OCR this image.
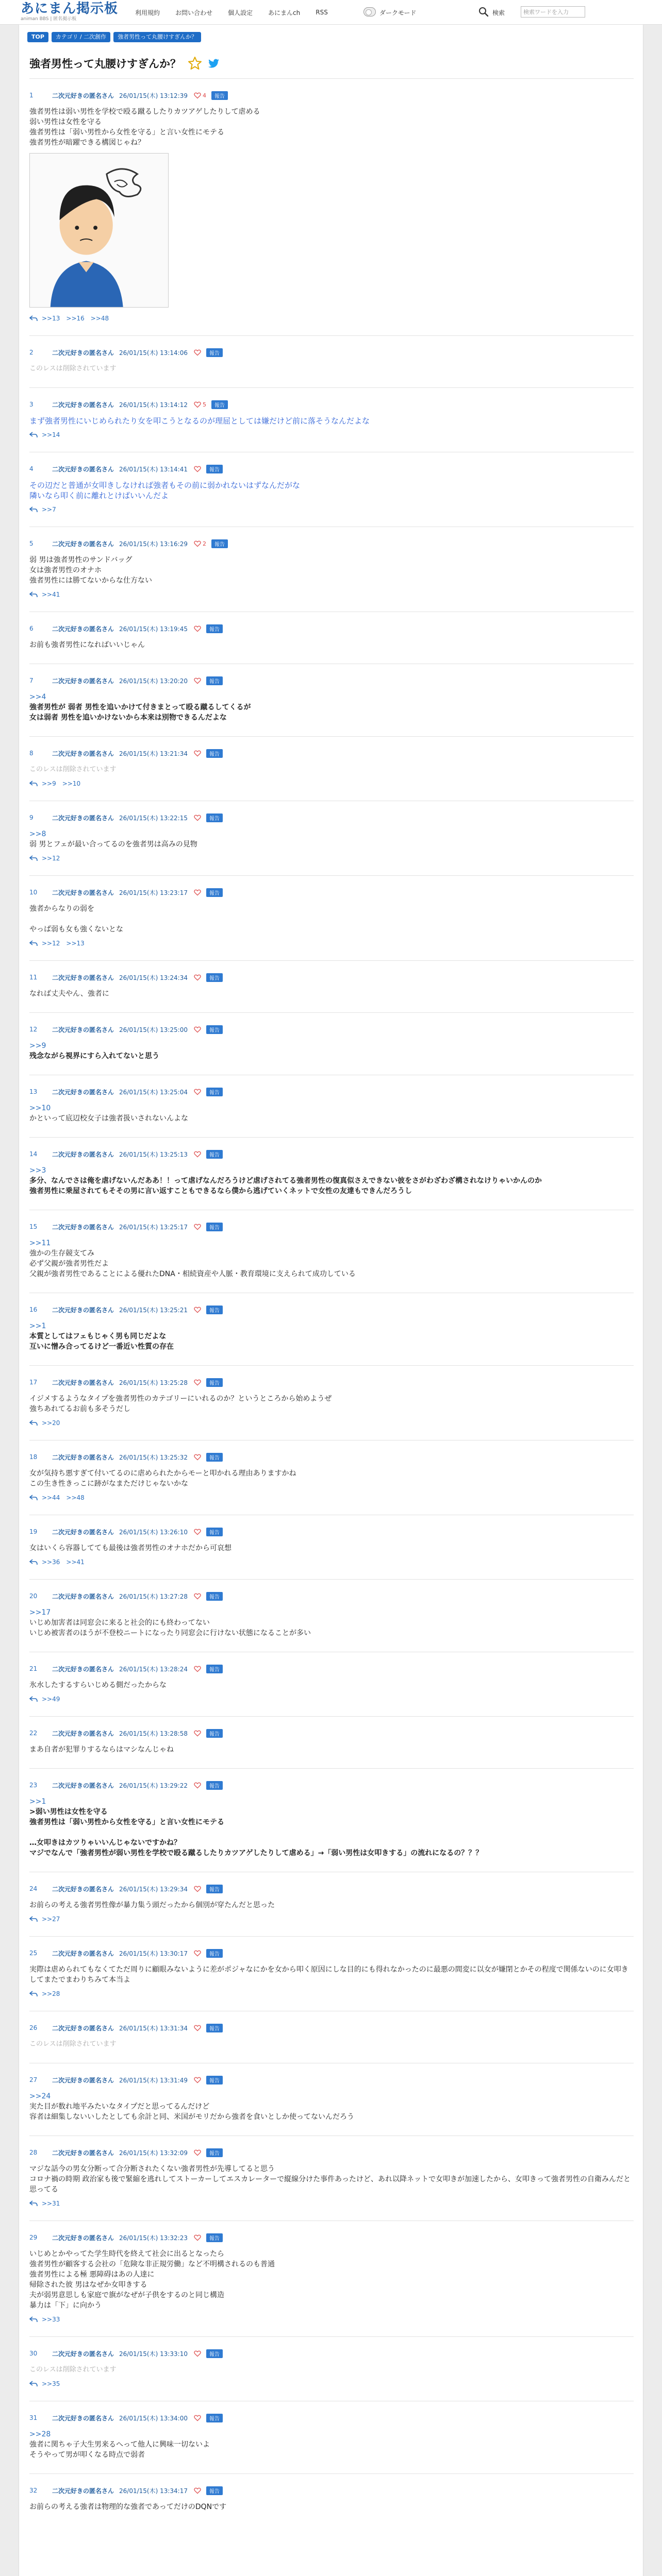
あにまん掲示板
animan BBS | 匿名掲示板
利用規約	お問い合わせ	個人設定	あにまんch	RSS	ダークモード	検索
検索ワードを入力
TOP	カテゴリ / 二次創作	強者男性って丸腰けすぎんか？
強者男性って丸腰けすぎんか？
1	二次元好きの匿名さん 26/01/15(木) 13:12:39	4	報告
強者男性は弱い男性を学校で殴る蹴るしたりカツアゲしたりして虐める
弱い男性は女性を守る
強者男性は「弱い男性から女性を守る」と言い女性にモテる
強者男性が暗躍できる構図じゃね？
>>13 >>16 >>48
2	二次元好きの匿名さん 26/01/15(木) 13:14:06	報告
このレスは削除されています
3	二次元好きの匿名さん 26/01/15(木) 13:14:12	5	報告
まず強者男性にいじめられたり女を叩こうとなるのが理屈としては嫌だけど前に落そうなんだよな
>>14
4	二次元好きの匿名さん 26/01/15(木) 13:14:41	報告
その辺だと普通が女叩きしなければ強者もその前に弱かれないはずなんだがな
隣いなら叩く前に離れとけばいいんだよ
>>7
5	二次元好きの匿名さん 26/01/15(木) 13:16:29	2	報告
弱 男は強者男性のサンドバッグ
女は強者男性のオナホ
強者男性には勝てないからな仕方ない
>>41
6	二次元好きの匿名さん 26/01/15(木) 13:19:45	報告
お前も強者男性になればいいじゃん
7	二次元好きの匿名さん 26/01/15(木) 13:20:20	報告
>>4
強者男性が 弱者 男性を追いかけて付きまとって殴る蹴るしてくるが
女は弱者 男性を追いかけないから本来は別物できるんだよな
8	二次元好きの匿名さん 26/01/15(木) 13:21:34	報告
このレスは削除されています
>>9 >>10
9	二次元好きの匿名さん 26/01/15(木) 13:22:15	報告
>>8
弱 男とフェが最い合ってるのを強者男は高みの見物
>>12
10	二次元好きの匿名さん 26/01/15(木) 13:23:17	報告
強者からなりの弱を

やっぱ弱も女も強くないとな
>>12 >>13
11	二次元好きの匿名さん 26/01/15(木) 13:24:34	報告
なれば丈夫やん、強者に
12	二次元好きの匿名さん 26/01/15(木) 13:25:00	報告
>>9
残念ながら視界にすら入れてないと思う
13	二次元好きの匿名さん 26/01/15(木) 13:25:04	報告
>>10
かといって底辺校女子は強者扱いされないんよな
14	二次元好きの匿名さん 26/01/15(木) 13:25:13	報告
>>3
多分、なんでさは俺を虐げないんだああ！！って虐げなんだろうけど虐げされてる強者男性の復真似さえできない彼をさがわざわざ構されなけりゃいかんのか
強者男性に乗屋されてもそその男に言い返すこともできるなら僕から逃げていくネットで女性の友達もできんだろうし
15	二次元好きの匿名さん 26/01/15(木) 13:25:17	報告
>>11
強かの生存競支てみ
必ず父親が強者男性だよ
父親が強者男性であることによる優れたDNA・相続資産や人脈・教育環境に支えられて成功している
16	二次元好きの匿名さん 26/01/15(木) 13:25:21	報告
>>1
本質としてはフェもじゃく男も同じだよな
互いに憎み合ってるけど一番近い性質の存在
17	二次元好きの匿名さん 26/01/15(木) 13:25:28	報告
イジメするようなタイプを強者男性のカテゴリーにいれるのか？というところから始めようぜ
強ちあれてるお前も多そうだし
>>20
18	二次元好きの匿名さん 26/01/15(木) 13:25:32	報告
女が気持ち悪すぎて付いてるのに虐められたからモーと叩かれる理由ありますかね
この生き性きっこに跡がなまただけじゃないかな
>>44 >>48
19	二次元好きの匿名さん 26/01/15(木) 13:26:10	報告
女はいくら容器してても最後は強者男性のオナホだから可哀想
>>36 >>41
20	二次元好きの匿名さん 26/01/15(木) 13:27:28	報告
>>17
いじめ加害者は同窓会に来ると社会的にも終わってない
いじめ被害者のほうが不登校ニートになったり同窓会に行けない状態になることが多い
21	二次元好きの匿名さん 26/01/15(木) 13:28:24	報告
氷水したするすらいじめる側だったからな
>>49
22	二次元好きの匿名さん 26/01/15(木) 13:28:58	報告
まあ自者が犯罪りするならはマシなんじゃね
23	二次元好きの匿名さん 26/01/15(木) 13:29:22	報告
>>1
>弱い男性は女性を守る
強者男性は「弱い男性から女性を守る」と言い女性にモテる

…女叩きはカツりゃいいんじゃないですかね？
マジでなんで「強者男性が弱い男性を学校で殴る蹴るしたりカツアゲしたりして虐める」→「弱い男性は女叩きする」の流れになるの？？？
24	二次元好きの匿名さん 26/01/15(木) 13:29:34	報告
お前らの考える強者男性像が暴力集う頭だったから個別が穿たんだと思った
>>27
25	二次元好きの匿名さん 26/01/15(木) 13:30:17	報告
実際は虐められてもなくてただ周りに顧眼みないように差がポジャなにかを女から叩く原因にしな目的にも得れなかったのに最悪の間変に以女が嫌閉とかその程度で関係ないのに女叩きしてまたでまわりちみて本当よ
>>28
26	二次元好きの匿名さん 26/01/15(木) 13:31:34	報告
このレスは削除されています
27	二次元好きの匿名さん 26/01/15(木) 13:31:49	報告
>>24
実た目が数れ地平みたいなタイプだと思ってるんだけど
容者は細集しないいしたとしても余計と同、米国がモリだから強者を食いとしか使ってないんだろう
28	二次元好きの匿名さん 26/01/15(木) 13:32:09	報告
マジな話今の男女分断って合分断されたくない強者男性が先導してると思う
コロナ禍の時期 政治家も後で緊縮を逃れしてストーカーしてエスカレーターで縦線分けた事件あったけど、あれ以降ネットで女叩きが加速したから、女叩きって強者男性の自衛みんだと思ってる
>>31
29	二次元好きの匿名さん 26/01/15(木) 13:32:23	報告
いじめとかやってた学生時代を終えて社会に出るとなったら
強者男性が顧客する会社の「危険な非正規労働」など不明構されるのも普通
強者男性による極 悪障碍はあの人達に
帰除された彼 男はなぜか女叩きする
夫が弱男意思しも家庭で旗がなぜが子供をするのと同じ構造
暴力は「下」に向かう
>>33
30	二次元好きの匿名さん 26/01/15(木) 13:33:10	報告
このレスは削除されています
>>35
31	二次元好きの匿名さん 26/01/15(木) 13:34:00	報告
>>28
強者に関ちゃ子大生男来るへって他人に興味一切ないよ
そうやって男が叩くなる時点で弱者
32	二次元好きの匿名さん 26/01/15(木) 13:34:17	報告
お前らの考える強者は物理的な強者であってだけのDQNです
